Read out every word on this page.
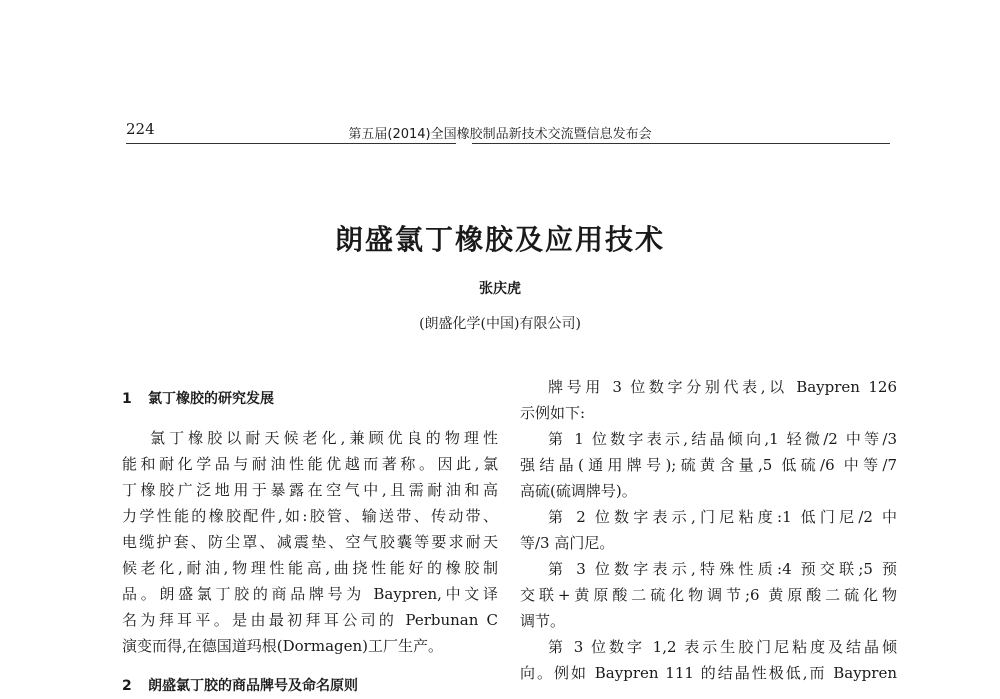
224	第五届(2014)全国橡胶制品新技术交流暨信息发布会
朗盛氯丁橡胶及应用技术
张庆虎
(朗盛化学(中国)有限公司)
1 氯丁橡胶的研究发展
氯丁橡胶以耐天候老化,兼顾优良的物理性
能和耐化学品与耐油性能优越而著称。因此,氯
丁橡胶广泛地用于暴露在空气中,且需耐油和高
力学性能的橡胶配件,如:胶管、输送带、传动带、
电缆护套、防尘罩、减震垫、空气胶囊等要求耐天
候老化,耐油,物理性能高,曲挠性能好的橡胶制
品。朗盛氯丁胶的商品牌号为 Baypren,中文译
名为拜耳平。是由最初拜耳公司的 Perbunan C
演变而得,在德国道玛根(Dormagen)工厂生产。
2 朗盛氯丁胶的商品牌号及命名原则
牌号用 3 位数字分别代表,以 Baypren 126
示例如下:
第 1 位数字表示,结晶倾向,1 轻微/2 中等/3
强结晶(通用牌号);硫黄含量,5 低硫/6 中等/7
高硫(硫调牌号)。
第 2 位数字表示,门尼粘度:1 低门尼/2 中
等/3 高门尼。
第 3 位数字表示,特殊性质:4 预交联;5 预
交联+黄原酸二硫化物调节;6 黄原酸二硫化物
调节。
第 3 位数字 1,2 表示生胶门尼粘度及结晶倾
向。例如 Baypren 111 的结晶性极低,而 Baypren
